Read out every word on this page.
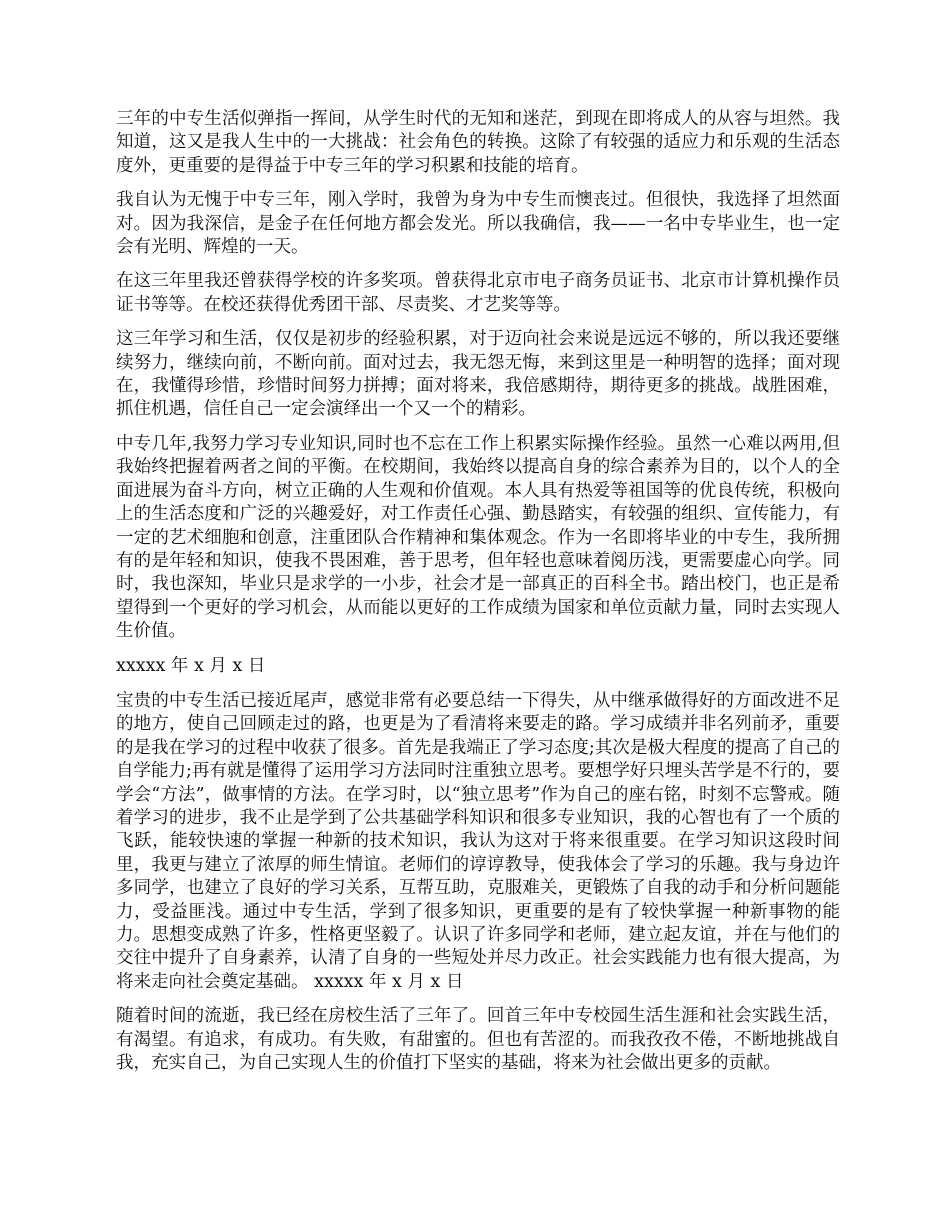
三年的中专生活似弹指一挥间，从学生时代的无知和迷茫，到现在即将成人的从容与坦然。我知道，这又是我人生中的一大挑战：社会角色的转换。这除了有较强的适应力和乐观的生活态度外，更重要的是得益于中专三年的学习积累和技能的培育。

我自认为无愧于中专三年，刚入学时，我曾为身为中专生而懊丧过。但很快，我选择了坦然面对。因为我深信，是金子在任何地方都会发光。所以我确信，我——一名中专毕业生，也一定会有光明、辉煌的一天。

在这三年里我还曾获得学校的许多奖项。曾获得北京市电子商务员证书、北京市计算机操作员证书等等。在校还获得优秀团干部、尽责奖、才艺奖等等。

这三年学习和生活，仅仅是初步的经验积累，对于迈向社会来说是远远不够的，所以我还要继续努力，继续向前，不断向前。面对过去，我无怨无悔，来到这里是一种明智的选择；面对现在，我懂得珍惜，珍惜时间努力拼搏；面对将来，我倍感期待，期待更多的挑战。战胜困难，抓住机遇，信任自己一定会演绎出一个又一个的精彩。

中专几年,我努力学习专业知识,同时也不忘在工作上积累实际操作经验。虽然一心难以两用,但我始终把握着两者之间的平衡。在校期间，我始终以提高自身的综合素养为目的，以个人的全面进展为奋斗方向，树立正确的人生观和价值观。本人具有热爱等祖国等的优良传统，积极向上的生活态度和广泛的兴趣爱好，对工作责任心强、勤恳踏实，有较强的组织、宣传能力，有一定的艺术细胞和创意，注重团队合作精神和集体观念。作为一名即将毕业的中专生，我所拥有的是年轻和知识，使我不畏困难，善于思考，但年轻也意味着阅历浅，更需要虚心向学。同时，我也深知，毕业只是求学的一小步，社会才是一部真正的百科全书。踏出校门，也正是希望得到一个更好的学习机会，从而能以更好的工作成绩为国家和单位贡献力量，同时去实现人生价值。

xxxxx 年 x 月 x 日

宝贵的中专生活已接近尾声，感觉非常有必要总结一下得失，从中继承做得好的方面改进不足的地方，使自己回顾走过的路，也更是为了看清将来要走的路。学习成绩并非名列前矛，重要的是我在学习的过程中收获了很多。首先是我端正了学习态度;其次是极大程度的提高了自己的自学能力;再有就是懂得了运用学习方法同时注重独立思考。要想学好只埋头苦学是不行的，要学会“方法”，做事情的方法。在学习时，以“独立思考”作为自己的座右铭，时刻不忘警戒。随着学习的进步，我不止是学到了公共基础学科知识和很多专业知识，我的心智也有了一个质的飞跃，能较快速的掌握一种新的技术知识，我认为这对于将来很重要。在学习知识这段时间里，我更与建立了浓厚的师生情谊。老师们的谆谆教导，使我体会了学习的乐趣。我与身边许多同学，也建立了良好的学习关系，互帮互助，克服难关，更锻炼了自我的动手和分析问题能力，受益匪浅。通过中专生活，学到了很多知识，更重要的是有了较快掌握一种新事物的能力。思想变成熟了许多，性格更坚毅了。认识了许多同学和老师，建立起友谊，并在与他们的交往中提升了自身素养，认清了自身的一些短处并尽力改正。社会实践能力也有很大提高，为将来走向社会奠定基础。 xxxxx 年 x 月 x 日

随着时间的流逝，我已经在房校生活了三年了。回首三年中专校园生活生涯和社会实践生活，有渴望。有追求，有成功。有失败，有甜蜜的。但也有苦涩的。而我孜孜不倦，不断地挑战自我，充实自己，为自己实现人生的价值打下坚实的基础，将来为社会做出更多的贡献。
